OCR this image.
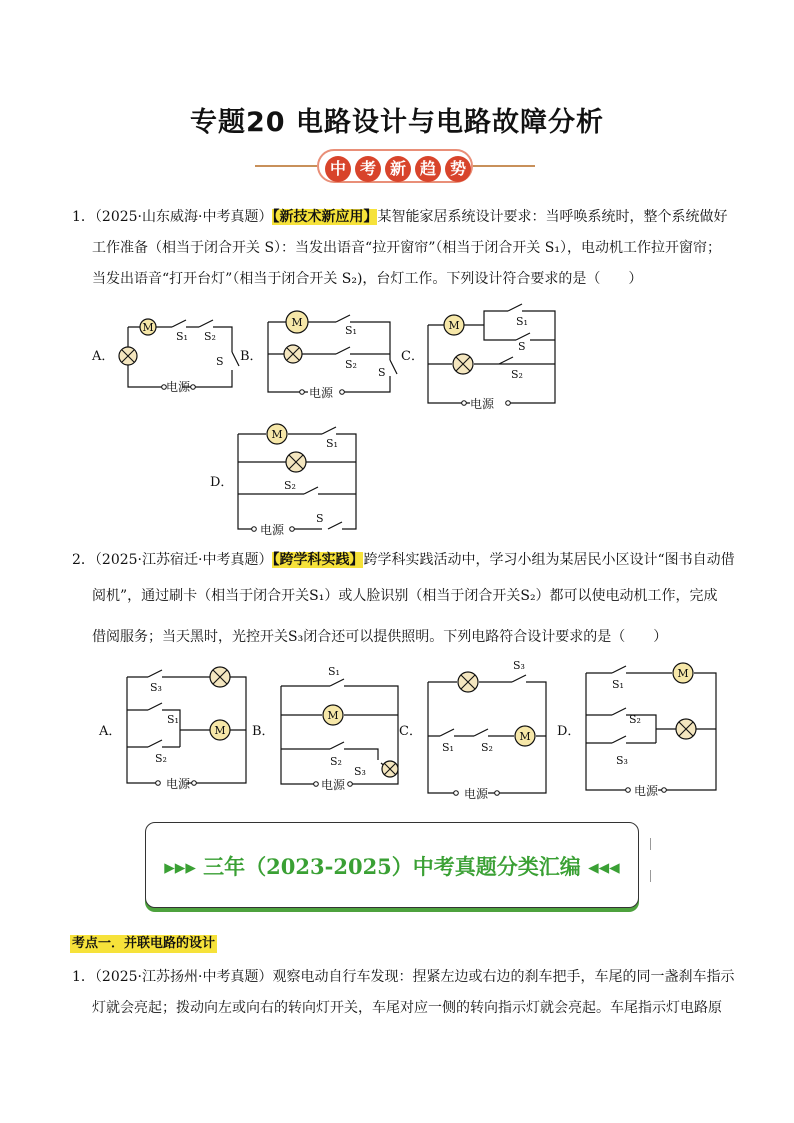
专题20 电路设计与电路故障分析
中 考 新 趋 势
1．（2025·山东威海·中考真题）【新技术新应用】某智能家居系统设计要求：当呼唤系统时，整个系统做好
工作准备（相当于闭合开关 S）：当发出语音“拉开窗帘”（相当于闭合开关 S₁），电动机工作拉开窗帘；
当发出语音“打开台灯”（相当于闭合开关 S₂)，台灯工作。下列设计符合要求的是（　　）
M	M	M
M
电源	电源
电源
电源
S₁ S₂
S
S₁
S₂
S
S₁
S
S₂
S₁
S₂
S
A．	B．	C．
D．
2．（2025·江苏宿迁·中考真题）【跨学科实践】跨学科实践活动中，学习小组为某居民小区设计“图书自动借
阅机”，通过刷卡（相当于闭合开关S₁）或人脸识别（相当于闭合开关S₂）都可以使电动机工作，完成
借阅服务；当天黑时，光控开关S₃闭合还可以提供照明。下列电路符合设计要求的是（　　）
M
M
M
M
电源	电源
电源	电源
S₃
S₁
S₂
S₁
S₂
S₃
S₃
S₁ S₂
S₁
S₂
S₃
A．	B．	C．	D．
▸▸▸ 三年（2023-2025）中考真题分类汇编 ◂◂◂
考点一．并联电路的设计
1．（2025·江苏扬州·中考真题）观察电动自行车发现：捏紧左边或右边的刹车把手，车尾的同一盏刹车指示
灯就会亮起；拨动向左或向右的转向灯开关，车尾对应一侧的转向指示灯就会亮起。车尾指示灯电路原
